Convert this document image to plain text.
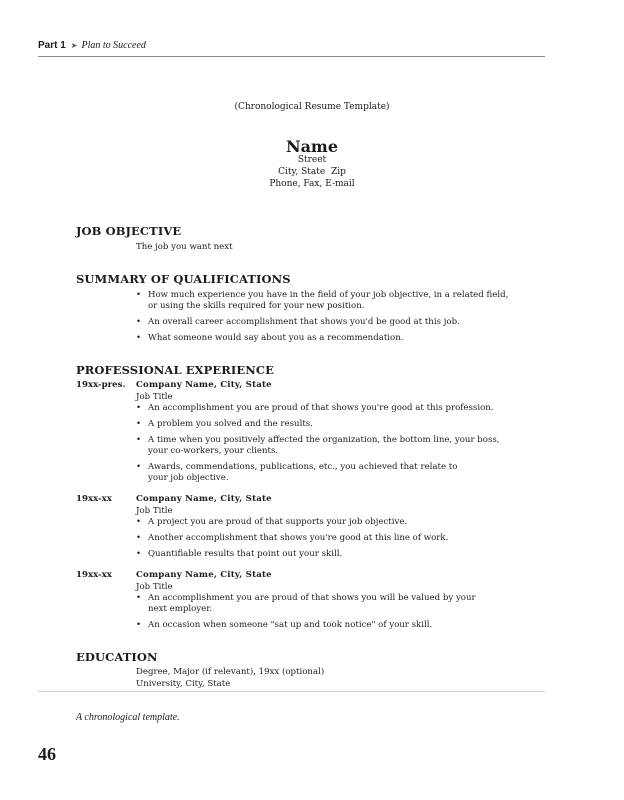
Part 1 ➤ Plan to Succeed
(Chronological Resume Template)
Name
Street
City, State  Zip
Phone, Fax, E-mail
JOB OBJECTIVE
The job you want next
SUMMARY OF QUALIFICATIONS
• How much experience you have in the field of your job objective, in a related field, or using the skills required for your new position.
• An overall career accomplishment that shows you'd be good at this job.
• What someone would say about you as a recommendation.
PROFESSIONAL EXPERIENCE
19xx-pres. Company Name, City, State
Job Title
• An accomplishment you are proud of that shows you're good at this profession.
• A problem you solved and the results.
• A time when you positively affected the organization, the bottom line, your boss, your co-workers, your clients.
• Awards, commendations, publications, etc., you achieved that relate to your job objective.
19xx-xx	Company Name, City, State
Job Title
• A project you are proud of that supports your job objective.
• Another accomplishment that shows you're good at this line of work.
• Quantifiable results that point out your skill.
19xx-xx	Company Name, City, State
Job Title
• An accomplishment you are proud of that shows you will be valued by your next employer.
• An occasion when someone "sat up and took notice" of your skill.
EDUCATION
Degree, Major (if relevant), 19xx (optional)
University, City, State
A chronological template.
46
